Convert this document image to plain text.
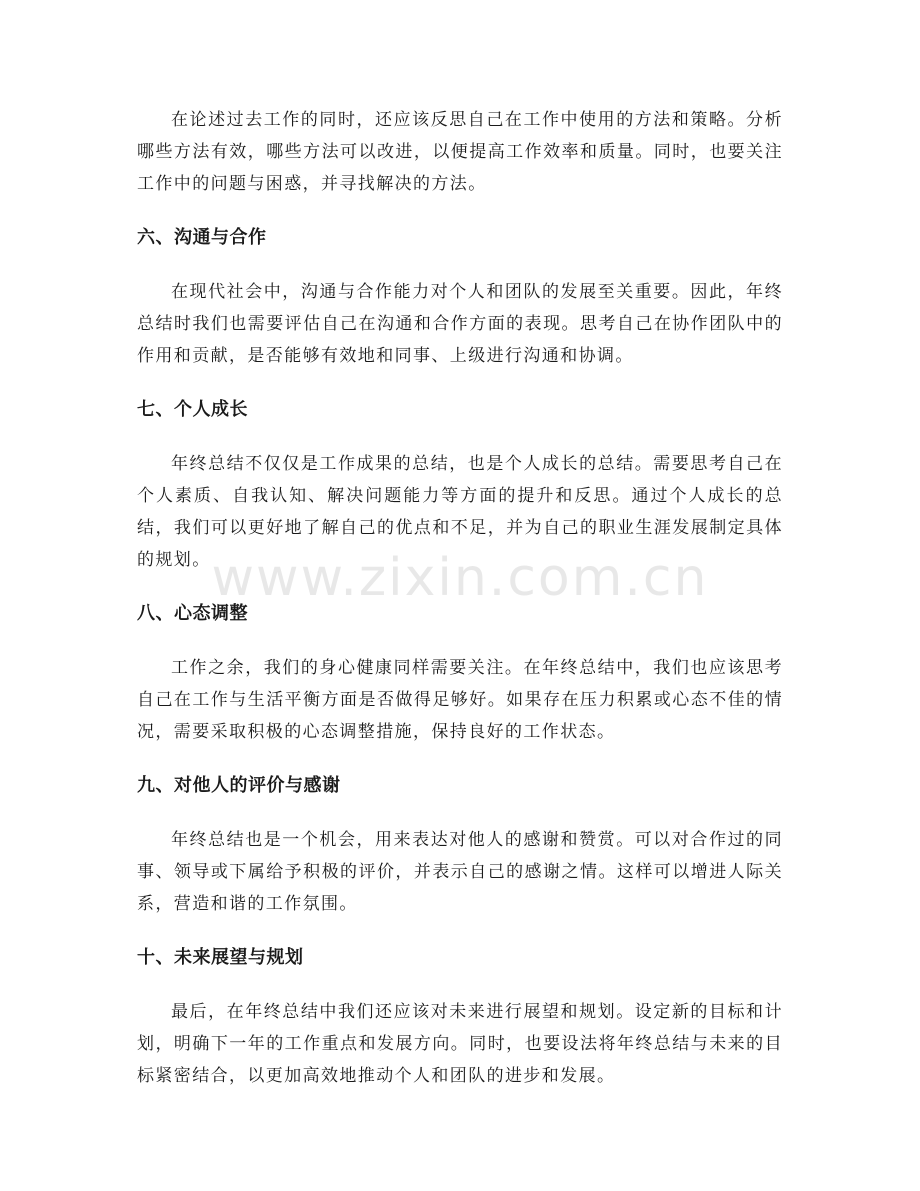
在论述过去工作的同时，还应该反思自己在工作中使用的方法和策略。分析哪些方法有效，哪些方法可以改进，以便提高工作效率和质量。同时，也要关注工作中的问题与困惑，并寻找解决的方法。

六、沟通与合作

在现代社会中，沟通与合作能力对个人和团队的发展至关重要。因此，年终总结时我们也需要评估自己在沟通和合作方面的表现。思考自己在协作团队中的作用和贡献，是否能够有效地和同事、上级进行沟通和协调。

七、个人成长

年终总结不仅仅是工作成果的总结，也是个人成长的总结。需要思考自己在个人素质、自我认知、解决问题能力等方面的提升和反思。通过个人成长的总结，我们可以更好地了解自己的优点和不足，并为自己的职业生涯发展制定具体的规划。

八、心态调整

工作之余，我们的身心健康同样需要关注。在年终总结中，我们也应该思考自己在工作与生活平衡方面是否做得足够好。如果存在压力积累或心态不佳的情况，需要采取积极的心态调整措施，保持良好的工作状态。

九、对他人的评价与感谢

年终总结也是一个机会，用来表达对他人的感谢和赞赏。可以对合作过的同事、领导或下属给予积极的评价，并表示自己的感谢之情。这样可以增进人际关系，营造和谐的工作氛围。

十、未来展望与规划

最后，在年终总结中我们还应该对未来进行展望和规划。设定新的目标和计划，明确下一年的工作重点和发展方向。同时，也要设法将年终总结与未来的目标紧密结合，以更加高效地推动个人和团队的进步和发展。

www.zixin.com.cn
